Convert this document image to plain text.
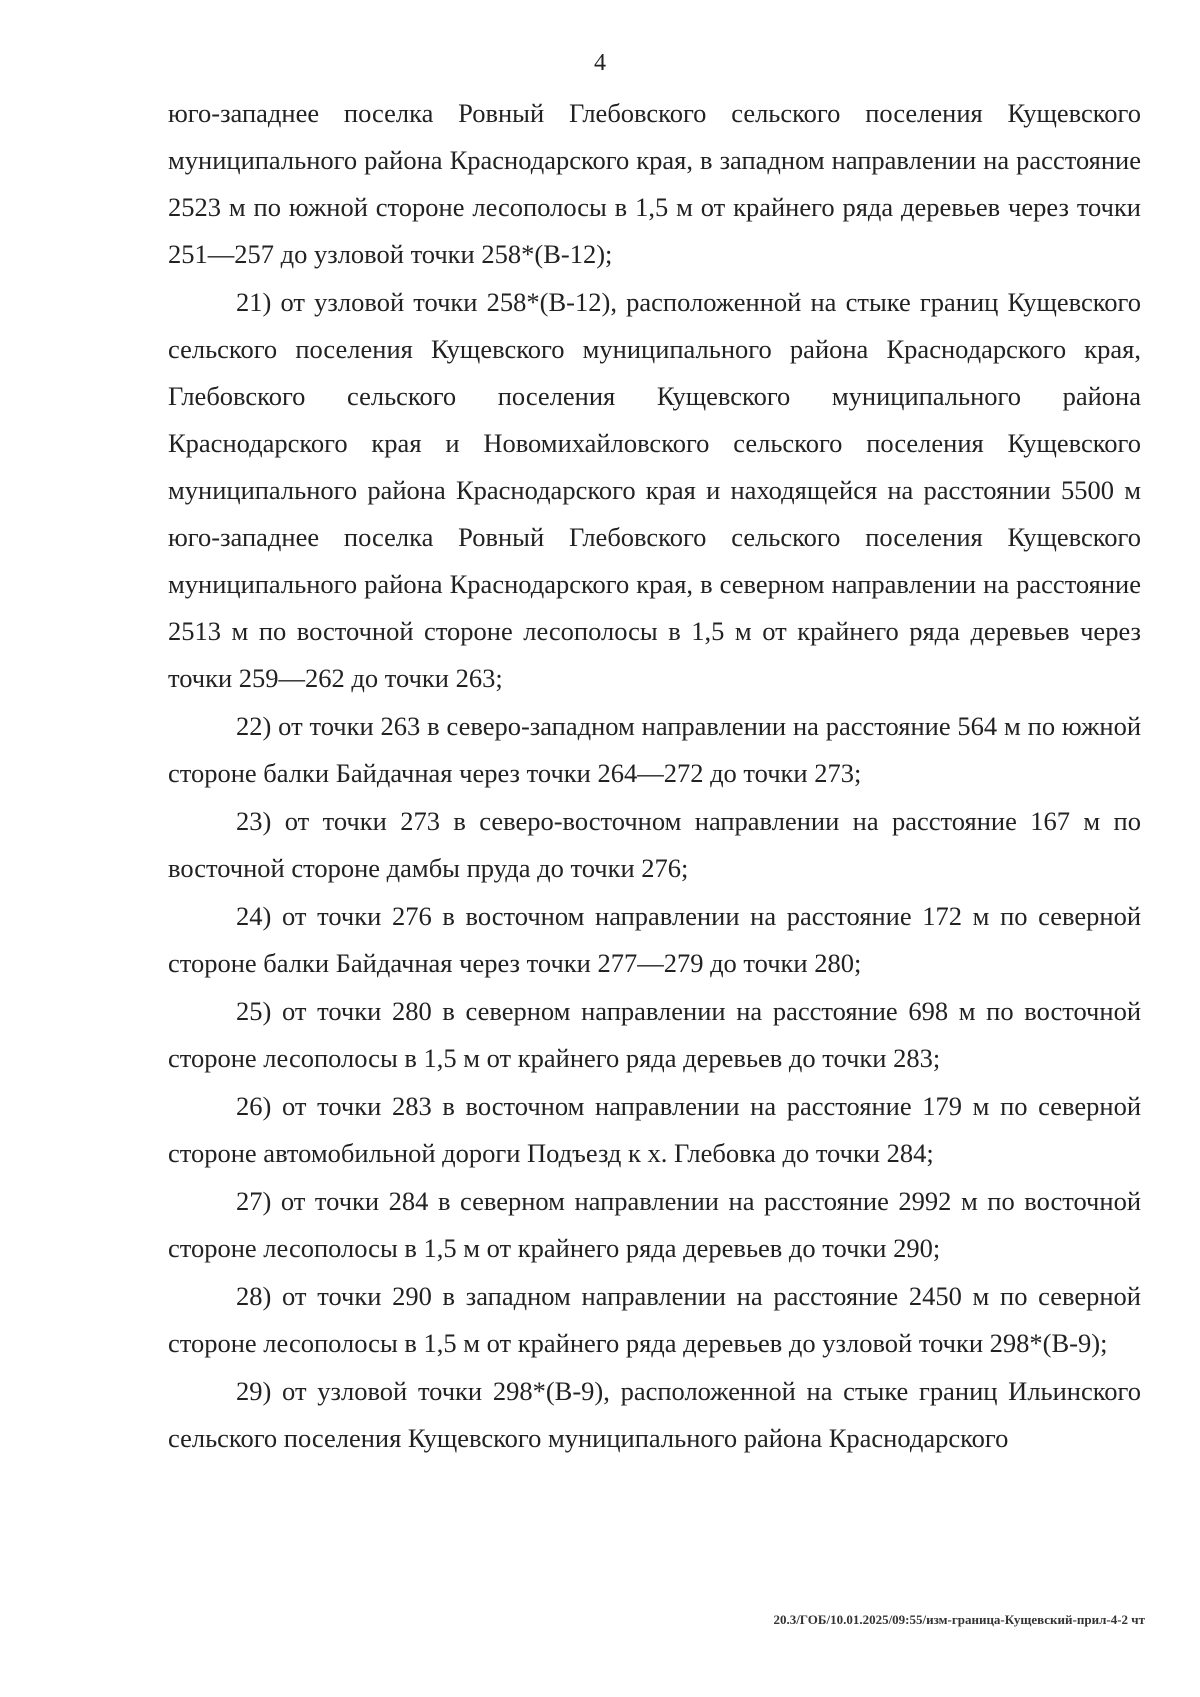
4

юго-западнее поселка Ровный Глебовского сельского поселения Кущевского муниципального района Краснодарского края, в западном направлении на расстояние 2523 м по южной стороне лесополосы в 1,5 м от крайнего ряда деревьев через точки 251—257 до узловой точки 258*(В-12);

21) от узловой точки 258*(В-12), расположенной на стыке границ Кущевского сельского поселения Кущевского муниципального района Краснодарского края, Глебовского сельского поселения Кущевского муниципального района Краснодарского края и Новомихайловского сельского поселения Кущевского муниципального района Краснодарского края и находящейся на расстоянии 5500 м юго-западнее поселка Ровный Глебовского сельского поселения Кущевского муниципального района Краснодарского края, в северном направлении на расстояние 2513 м по восточной стороне лесополосы в 1,5 м от крайнего ряда деревьев через точки 259—262 до точки 263;

22) от точки 263 в северо-западном направлении на расстояние 564 м по южной стороне балки Байдачная через точки 264—272 до точки 273;

23) от точки 273 в северо-восточном направлении на расстояние 167 м по восточной стороне дамбы пруда до точки 276;

24) от точки 276 в восточном направлении на расстояние 172 м по северной стороне балки Байдачная через точки 277—279 до точки 280;

25) от точки 280 в северном направлении на расстояние 698 м по восточной стороне лесополосы в 1,5 м от крайнего ряда деревьев до точки 283;

26) от точки 283 в восточном направлении на расстояние 179 м по северной стороне автомобильной дороги Подъезд к х. Глебовка до точки 284;

27) от точки 284 в северном направлении на расстояние 2992 м по восточной стороне лесополосы в 1,5 м от крайнего ряда деревьев до точки 290;

28) от точки 290 в западном направлении на расстояние 2450 м по северной стороне лесополосы в 1,5 м от крайнего ряда деревьев до узловой точки 298*(В-9);

29) от узловой точки 298*(В-9), расположенной на стыке границ Ильинского сельского поселения Кущевского муниципального района Краснодарского

20.3/ГОБ/10.01.2025/09:55/изм-граница-Кущевский-прил-4-2 чт
